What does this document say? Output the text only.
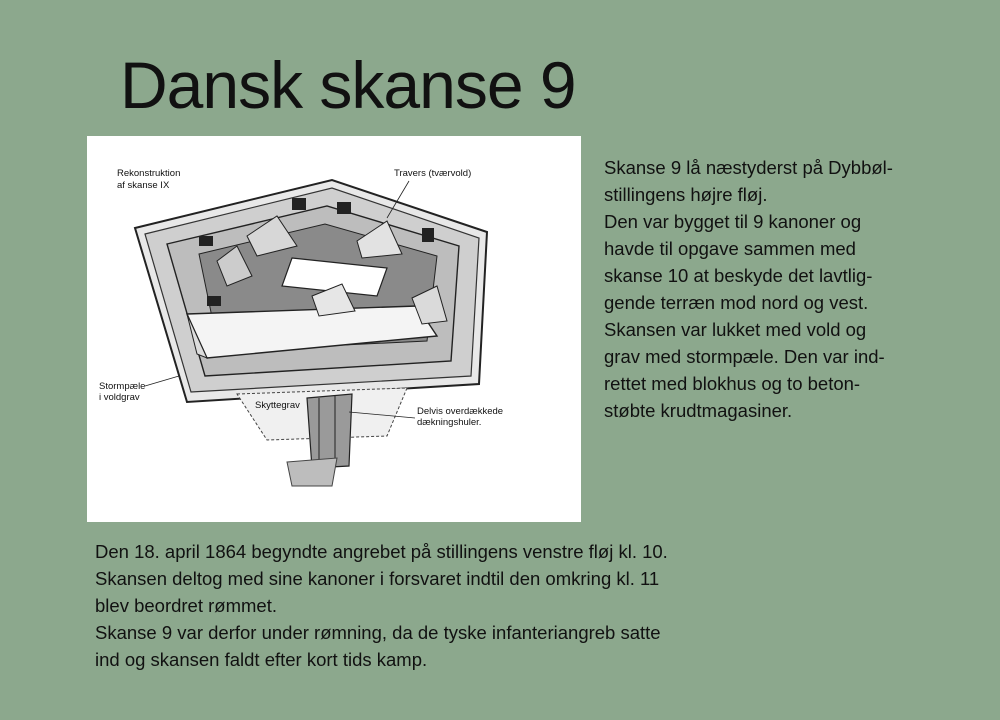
Dansk skanse 9
Rekonstruktion
af skanse IX
Travers (tværvold)
Stormpæle
i voldgrav
Skyttegrav
Delvis overdækkede
dækningshuler.

Skanse 9 lå næstyderst på Dybbøl-
stillingens højre fløj.
Den var bygget til 9 kanoner og
havde til opgave sammen med
skanse 10 at beskyde det lavtlig-
gende terræn mod nord og vest.
Skansen var lukket med vold og
grav med stormpæle. Den var ind-
rettet med blokhus og to beton-
støbte krudtmagasiner.

Den 18. april 1864 begyndte angrebet på stillingens venstre fløj kl. 10.
Skansen deltog med sine kanoner i forsvaret indtil den omkring kl. 11
blev beordret rømmet.
Skanse 9 var derfor under rømning, da de tyske infanteriangreb satte
ind og skansen faldt efter kort tids kamp.
